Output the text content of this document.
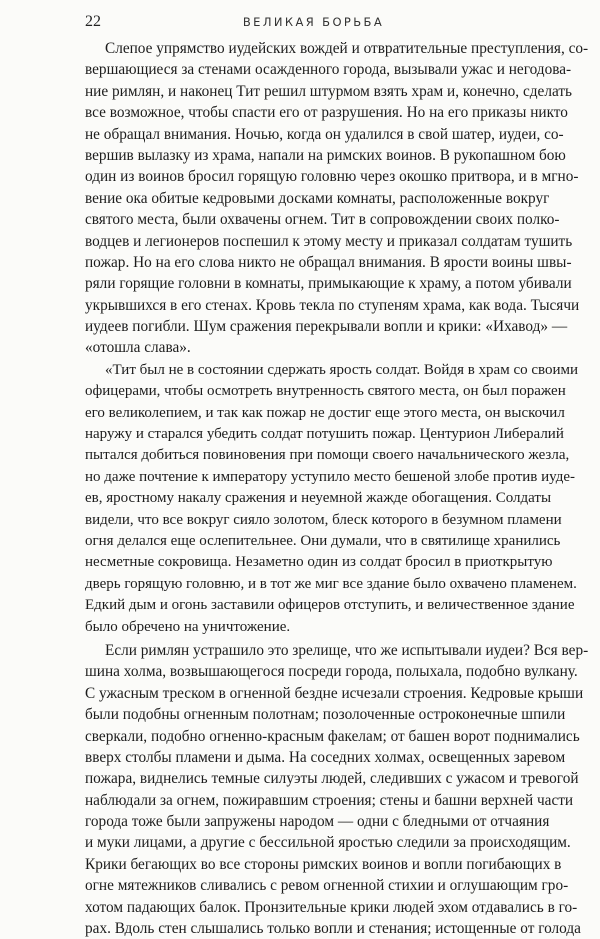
22	ВЕЛИКАЯ БОРЬБА
Слепое упрямство иудейских вождей и отвратительные преступления, со-
вершающиеся за стенами осажденного города, вызывали ужас и негодова-
ние римлян, и наконец Тит решил штурмом взять храм и, конечно, сделать
все возможное, чтобы спасти его от разрушения. Но на его приказы никто
не обращал внимания. Ночью, когда он удалился в свой шатер, иудеи, со-
вершив вылазку из храма, напали на римских воинов. В рукопашном бою
один из воинов бросил горящую головню через окошко притвора, и в мгно-
вение ока обитые кедровыми досками комнаты, расположенные вокруг
святого места, были охвачены огнем. Тит в сопровождении своих полко-
водцев и легионеров поспешил к этому месту и приказал солдатам тушить
пожар. Но на его слова никто не обращал внимания. В ярости воины швы-
ряли горящие головни в комнаты, примыкающие к храму, а потом убивали
укрывшихся в его стенах. Кровь текла по ступеням храма, как вода. Тысячи
иудеев погибли. Шум сражения перекрывали вопли и крики: «Ихавод» —
«отошла слава».
«Тит был не в состоянии сдержать ярость солдат. Войдя в храм со своими
офицерами, чтобы осмотреть внутренность святого места, он был поражен
его великолепием, и так как пожар не достиг еще этого места, он выскочил
наружу и старался убедить солдат потушить пожар. Центурион Либералий
пытался добиться повиновения при помощи своего начальнического жезла,
но даже почтение к императору уступило место бешеной злобе против иуде-
ев, яростному накалу сражения и неуемной жажде обогащения. Солдаты
видели, что все вокруг сияло золотом, блеск которого в безумном пламени
огня делался еще ослепительнее. Они думали, что в святилище хранились
несметные сокровища. Незаметно один из солдат бросил в приоткрытую
дверь горящую головню, и в тот же миг все здание было охвачено пламенем.
Едкий дым и огонь заставили офицеров отступить, и величественное здание
было обречено на уничтожение.
Если римлян устрашило это зрелище, что же испытывали иудеи? Вся вер-
шина холма, возвышающегося посреди города, полыхала, подобно вулкану.
С ужасным треском в огненной бездне исчезали строения. Кедровые крыши
были подобны огненным полотнам; позолоченные остроконечные шпили
сверкали, подобно огненно-красным факелам; от башен ворот поднимались
вверх столбы пламени и дыма. На соседних холмах, освещенных заревом
пожара, виднелись темные силуэты людей, следивших с ужасом и тревогой
наблюдали за огнем, пожиравшим строения; стены и башни верхней части
города тоже были запружены народом — одни с бледными от отчаяния
и муки лицами, а другие с бессильной яростью следили за происходящим.
Крики бегающих во все стороны римских воинов и вопли погибающих в
огне мятежников сливались с ревом огненной стихии и оглушающим гро-
хотом падающих балок. Пронзительные крики людей эхом отдавались в го-
рах. Вдоль стен слышались только вопли и стенания; истощенные от голода
